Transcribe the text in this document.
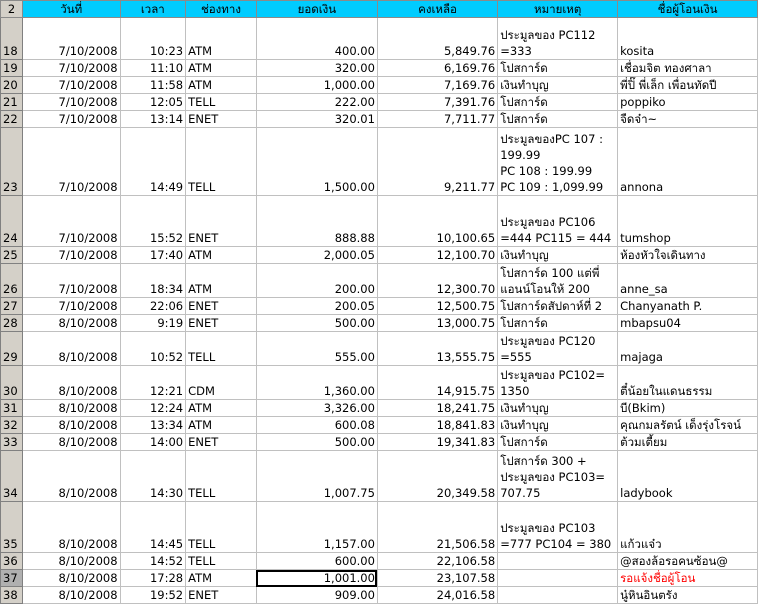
2	วันที่	เวลา	ช่องทาง	ยอดเงิน	คงเหลือ	หมายเหตุ	ชื่อผู้โอนเงิน
18	7/10/2008	10:23	ATM	400.00	5,849.76	ประมูลของ PC112
=333	kosita
19	7/10/2008	11:10	ATM	320.00	6,169.76	โปสการ์ด	เชื่อมจิต ทองศาลา
20	7/10/2008	11:58	ATM	1,000.00	7,169.76	เงินทำบุญ	พี่ปิ๊ พี่เล็ก เพื่อนทัดปี
21	7/10/2008	12:05	TELL	222.00	7,391.76	โปสการ์ด	poppiko
22	7/10/2008	13:14	ENET	320.01	7,711.77	โปสการ์ด	จืดจ๋า~
23	7/10/2008	14:49	TELL	1,500.00	9,211.77	ประมูลของPC 107 :
199.99
PC 108 : 199.99
PC 109 : 1,099.99	annona
24	7/10/2008	15:52	ENET	888.88	10,100.65	ประมูลของ PC106
=444 PC115 = 444	tumshop
25	7/10/2008	17:40	ATM	2,000.05	12,100.70	เงินทำบุญ	ห้องหัวใจเดินทาง
26	7/10/2008	18:34	ATM	200.00	12,300.70	โปสการ์ด 100 แต่พี่
แอนน์โอนให้ 200	anne_sa
27	7/10/2008	22:06	ENET	200.05	12,500.75	โปสการ์ดสัปดาห์ที่ 2	Chanyanath P.
28	8/10/2008	9:19	ENET	500.00	13,000.75	โปสการ์ด	mbapsu04
29	8/10/2008	10:52	TELL	555.00	13,555.75	ประมูลของ PC120
=555	majaga
30	8/10/2008	12:21	CDM	1,360.00	14,915.75	ประมูลของ PC102=
1350	ตี๋น้อยในแดนธรรม
31	8/10/2008	12:24	ATM	3,326.00	18,241.75	เงินทำบุญ	บี(Bkim)
32	8/10/2008	13:34	ATM	600.08	18,841.83	เงินทำบุญ	คุณกมลรัตน์ เด็งรุ่งโรจน์
33	8/10/2008	14:00	ENET	500.00	19,341.83	โปสการ์ด	ต้วมเตี้ยม
34	8/10/2008	14:30	TELL	1,007.75	20,349.58	โปสการ์ด 300 +
ประมูลของ PC103=
707.75	ladybook
35	8/10/2008	14:45	TELL	1,157.00	21,506.58	ประมูลของ PC103
=777 PC104 = 380	แก้วแจ๋ว
36	8/10/2008	14:52	TELL	600.00	22,106.58		@สองล้อรอคนซ้อน@
37	8/10/2008	17:28	ATM	1,001.00	23,107.58		รอแจ้งชื่อผู้โอน
38	8/10/2008	19:52	ENET	909.00	24,016.58		นู๋หินอินตรัง
